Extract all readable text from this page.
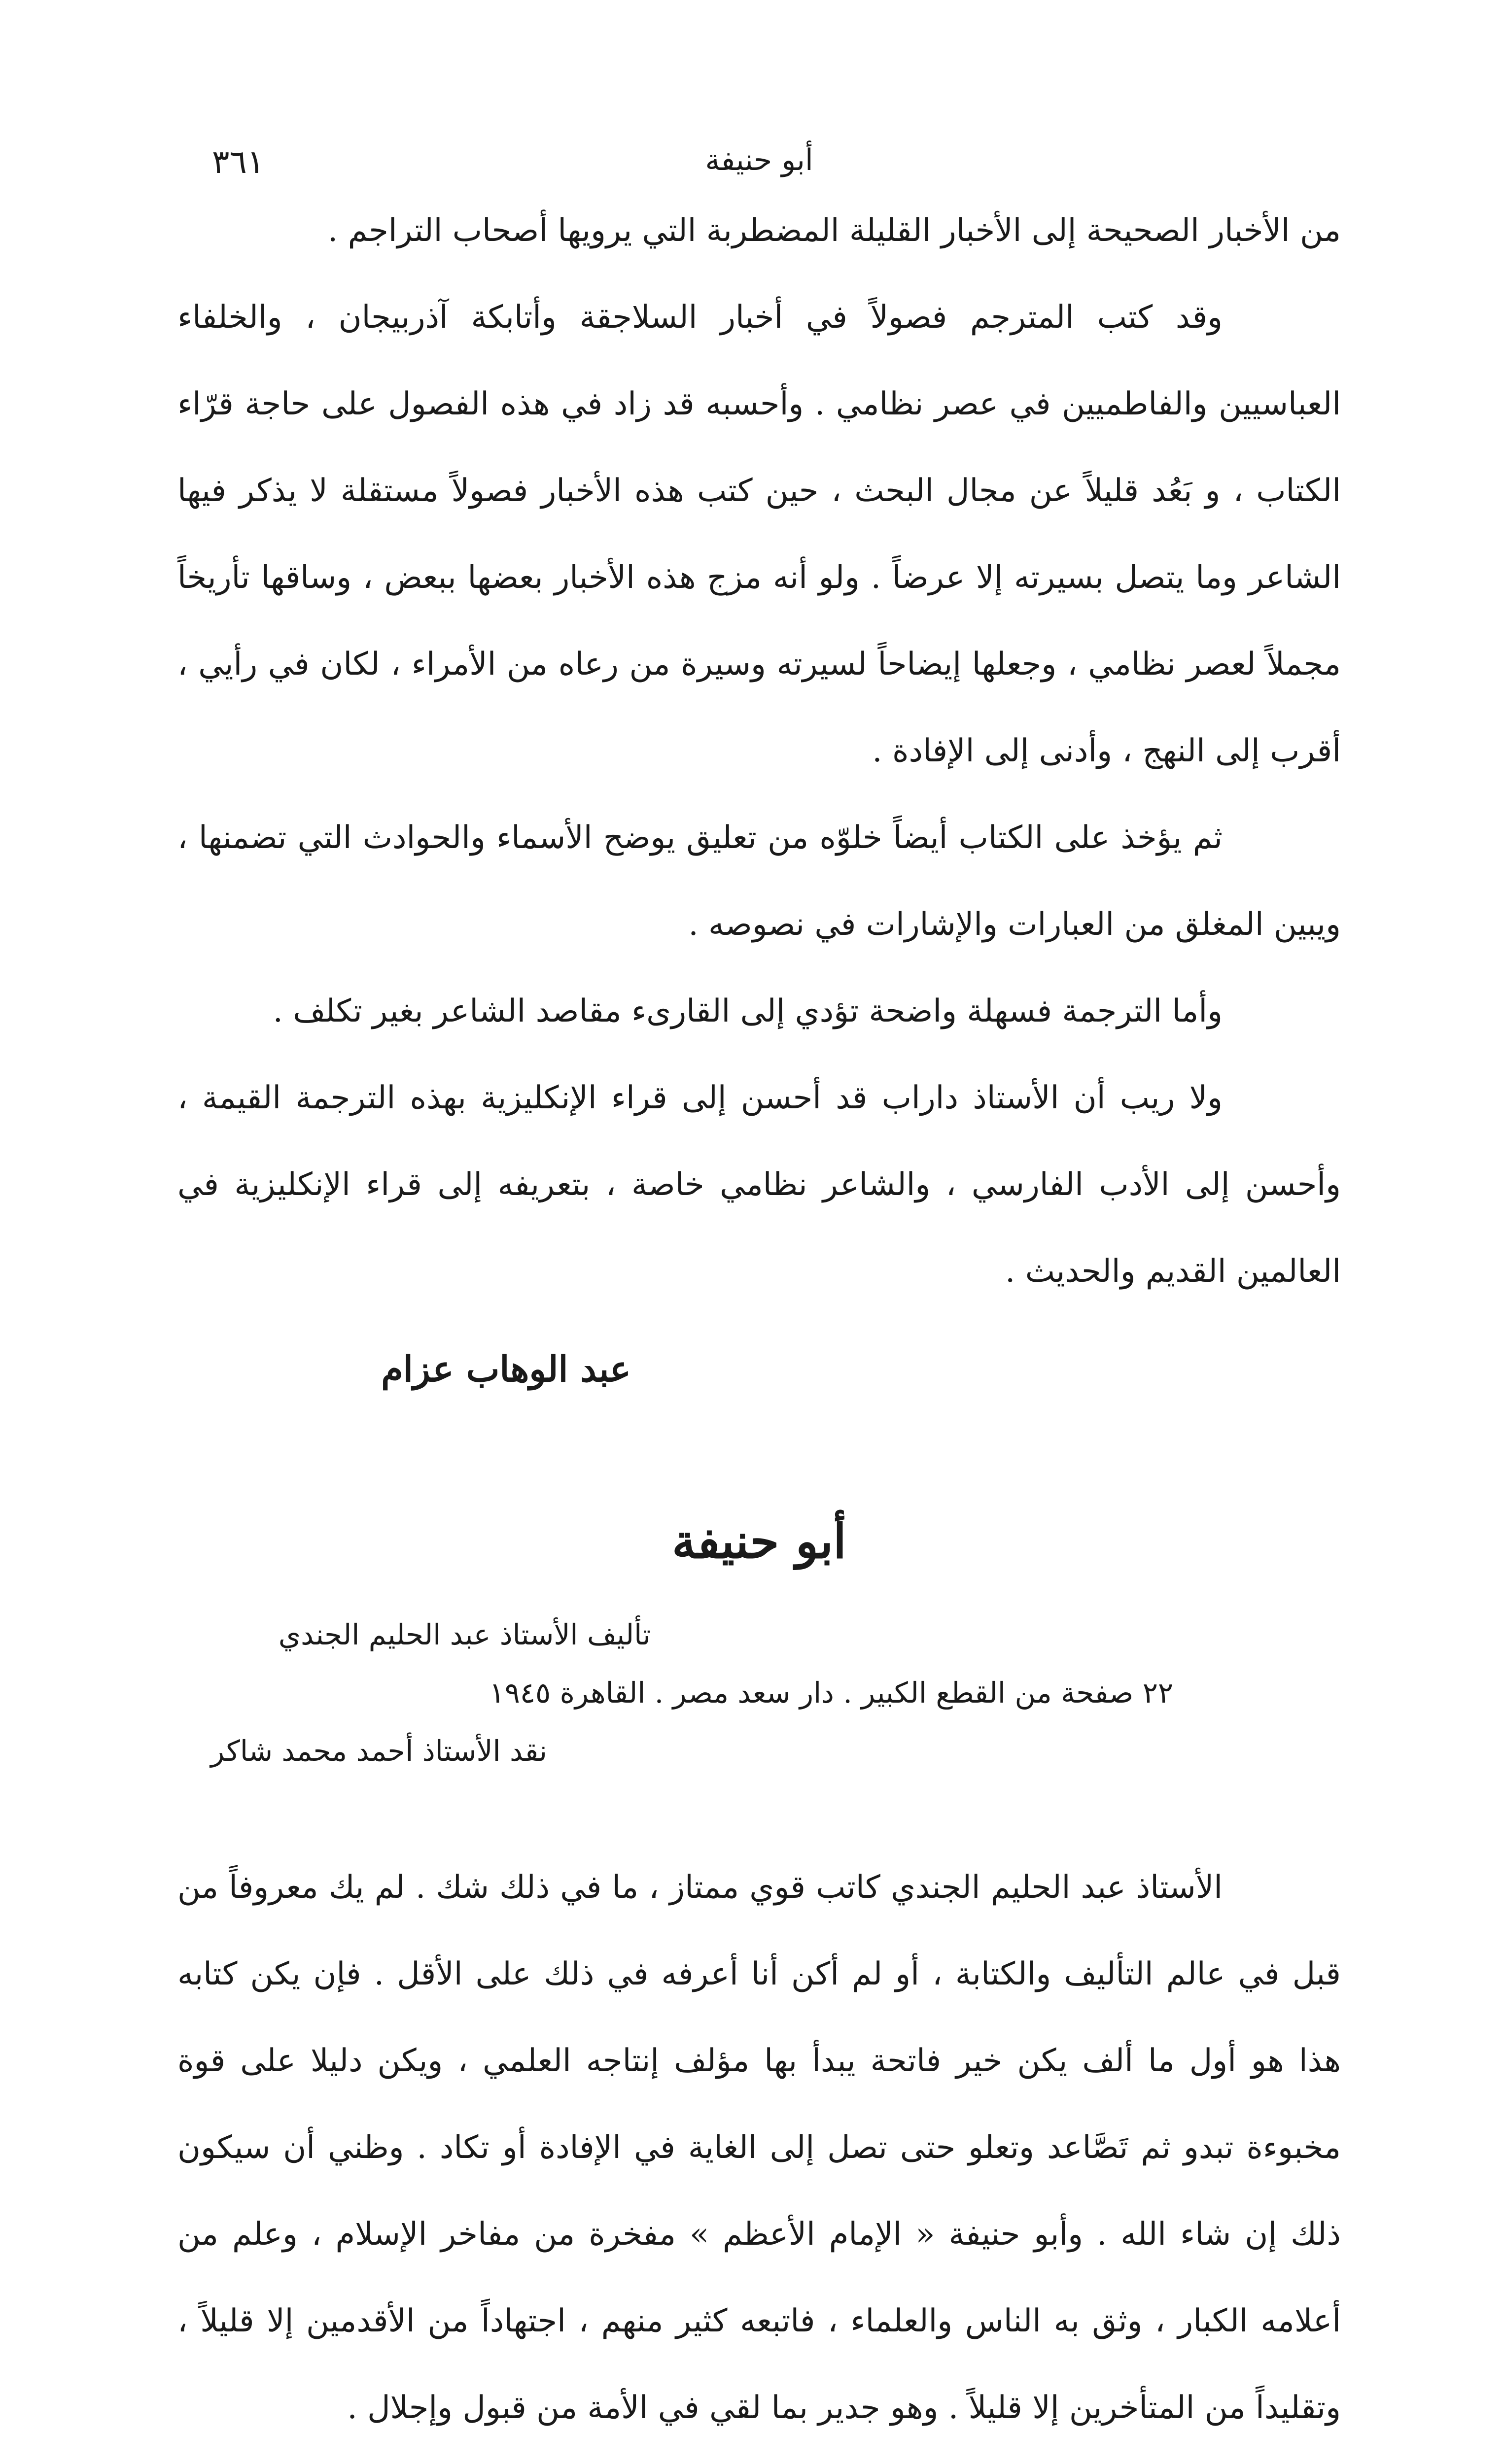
٣٦١	أبو حنيفة

من الأخبار الصحيحة إلى الأخبار القليلة المضطربة التي يرويها أصحاب التراجم .

وقد كتب المترجم فصولاً في أخبار السلاجقة وأتابكة آذربيجان ، والخلفاء العباسيين والفاطميين في عصر نظامي . وأحسبه قد زاد في هذه الفصول على حاجة قرّاء الكتاب ، و بَعُد قليلاً عن مجال البحث ، حين كتب هذه الأخبار فصولاً مستقلة لا يذكر فيها الشاعر وما يتصل بسيرته إلا عرضاً . ولو أنه مزج هذه الأخبار بعضها ببعض ، وساقها تأريخاً مجملاً لعصر نظامي ، وجعلها إيضاحاً لسيرته وسيرة من رعاه من الأمراء ، لكان في رأيي ، أقرب إلى النهج ، وأدنى إلى الإفادة .

ثم يؤخذ على الكتاب أيضاً خلوّه من تعليق يوضح الأسماء والحوادث التي تضمنها ، ويبين المغلق من العبارات والإشارات في نصوصه .

وأما الترجمة فسهلة واضحة تؤدي إلى القارىء مقاصد الشاعر بغير تكلف .

ولا ريب أن الأستاذ داراب قد أحسن إلى قراء الإنكليزية بهذه الترجمة القيمة ، وأحسن إلى الأدب الفارسي ، والشاعر نظامي خاصة ، بتعريفه إلى قراء الإنكليزية في العالمين القديم والحديث .

عبد الوهاب عزام
أبو حنيفة

تأليف الأستاذ عبد الحليم الجندي

٢٢ صفحة من القطع الكبير . دار سعد مصر . القاهرة ١٩٤٥

نقد الأستاذ أحمد محمد شاكر

الأستاذ عبد الحليم الجندي كاتب قوي ممتاز ، ما في ذلك شك . لم يك معروفاً من قبل في عالم التأليف والكتابة ، أو لم أكن أنا أعرفه في ذلك على الأقل . فإن يكن كتابه هذا هو أول ما ألف يكن خير فاتحة يبدأ بها مؤلف إنتاجه العلمي ، ويكن دليلا على قوة مخبوءة تبدو ثم تَصَّاعد وتعلو حتى تصل إلى الغاية في الإفادة أو تكاد . وظني أن سيكون ذلك إن شاء الله . وأبو حنيفة « الإمام الأعظم » مفخرة من مفاخر الإسلام ، وعلم من أعلامه الكبار ، وثق به الناس والعلماء ، فاتبعه كثير منهم ، اجتهاداً من الأقدمين إلا قليلاً ، وتقليداً من المتأخرين إلا قليلاً . وهو جدير بما لقي في الأمة من قبول وإجلال .
